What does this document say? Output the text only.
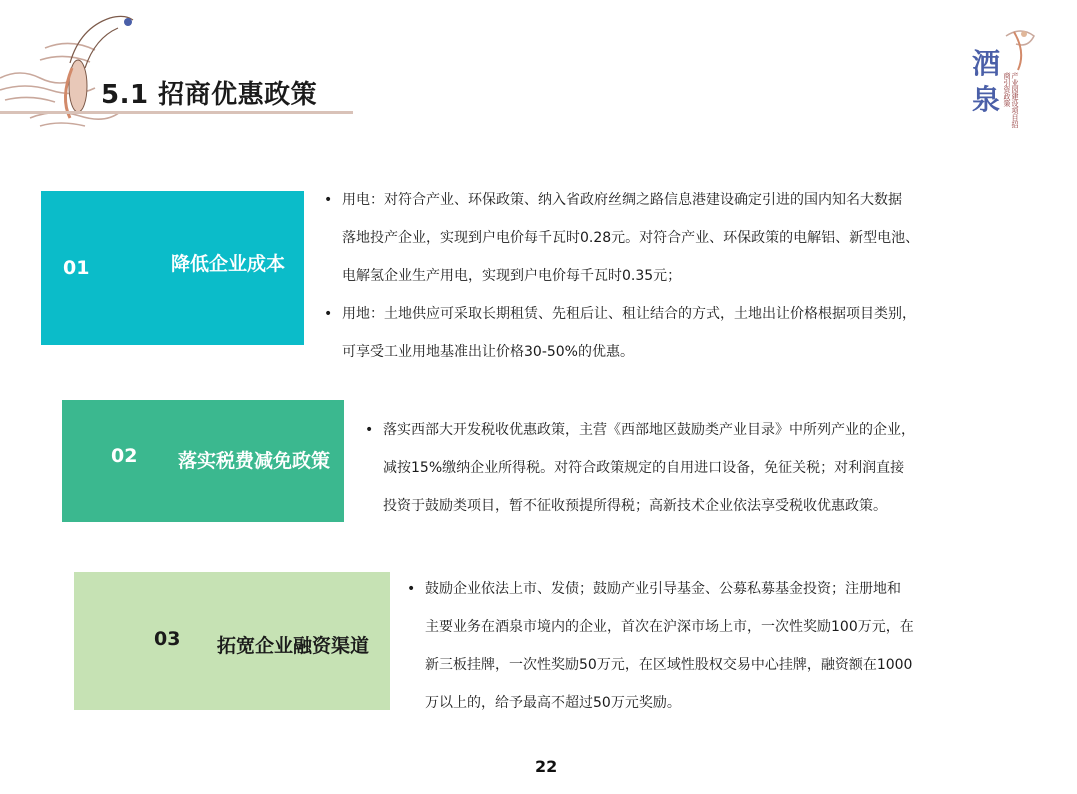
5.1 招商优惠政策
酒
泉	产业园建设项目招商引资政策
01	降低企业成本
• 用电：对符合产业、环保政策、纳入省政府丝绸之路信息港建设确定引进的国内知名大数据
落地投产企业，实现到户电价每千瓦时0.28元。对符合产业、环保政策的电解铝、新型电池、
电解氢企业生产用电，实现到户电价每千瓦时0.35元；
• 用地：土地供应可采取长期租赁、先租后让、租让结合的方式，土地出让价格根据项目类别，
可享受工业用地基准出让价格30-50%的优惠。
02 落实税费减免政策
• 落实西部大开发税收优惠政策，主营《西部地区鼓励类产业目录》中所列产业的企业，
减按15%缴纳企业所得税。对符合政策规定的自用进口设备，免征关税；对利润直接
投资于鼓励类项目，暂不征收预提所得税；高新技术企业依法享受税收优惠政策。
03 拓宽企业融资渠道
• 鼓励企业依法上市、发债；鼓励产业引导基金、公募私募基金投资；注册地和
主要业务在酒泉市境内的企业，首次在沪深市场上市，一次性奖励100万元，在
新三板挂牌，一次性奖励50万元，在区域性股权交易中心挂牌，融资额在1000
万以上的，给予最高不超过50万元奖励。
22
